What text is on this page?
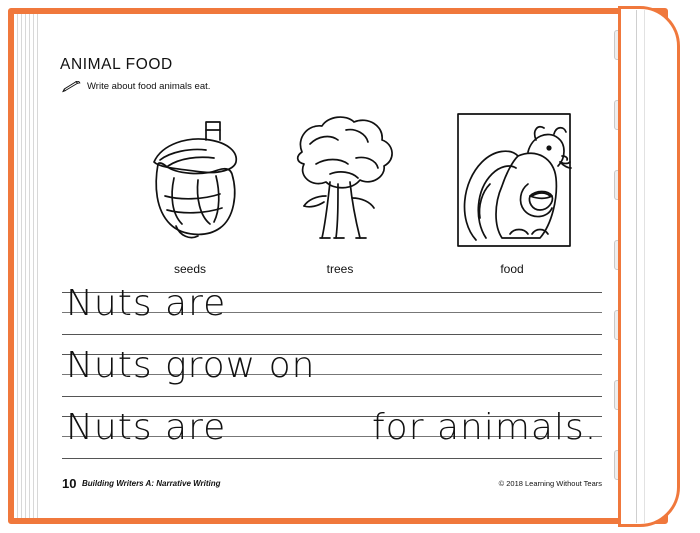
ANIMAL FOOD
Write about food animals eat.
seeds	trees	food
Nuts are
Nuts grow on
Nuts are	for animals.
10 Building Writers A: Narrative Writing	© 2018 Learning Without Tears
